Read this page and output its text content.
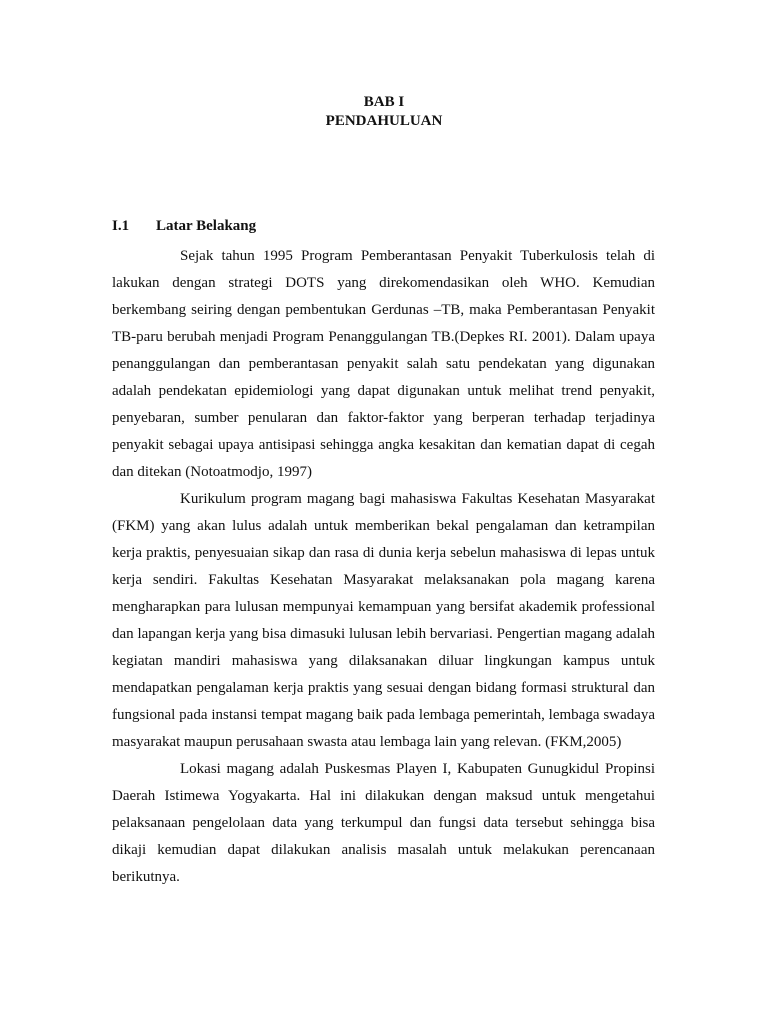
BAB I
PENDAHULUAN
I.1 Latar Belakang

Sejak tahun 1995 Program Pemberantasan Penyakit Tuberkulosis telah di lakukan dengan strategi DOTS yang direkomendasikan oleh WHO. Kemudian berkembang seiring dengan pembentukan Gerdunas –TB, maka Pemberantasan Penyakit TB-paru berubah menjadi Program Penanggulangan TB.(Depkes RI. 2001). Dalam upaya penanggulangan dan pemberantasan penyakit salah satu pendekatan yang digunakan adalah pendekatan epidemiologi yang dapat digunakan untuk melihat trend penyakit, penyebaran, sumber penularan dan faktor-faktor yang berperan terhadap terjadinya penyakit sebagai upaya antisipasi sehingga angka kesakitan dan kematian dapat di cegah dan ditekan (Notoatmodjo, 1997)

Kurikulum program magang bagi mahasiswa Fakultas Kesehatan Masyarakat (FKM) yang akan lulus adalah untuk memberikan bekal pengalaman dan ketrampilan kerja praktis, penyesuaian sikap dan rasa di dunia kerja sebelun mahasiswa di lepas untuk kerja sendiri. Fakultas Kesehatan Masyarakat melaksanakan pola magang karena mengharapkan para lulusan mempunyai kemampuan yang bersifat akademik professional dan lapangan kerja yang bisa dimasuki lulusan lebih bervariasi. Pengertian magang adalah kegiatan mandiri mahasiswa yang dilaksanakan diluar lingkungan kampus untuk mendapatkan pengalaman kerja praktis yang sesuai dengan bidang formasi struktural dan fungsional pada instansi tempat magang baik pada lembaga pemerintah, lembaga swadaya masyarakat maupun perusahaan swasta atau lembaga lain yang relevan. (FKM,2005)

Lokasi magang adalah Puskesmas Playen I, Kabupaten Gunugkidul Propinsi Daerah Istimewa Yogyakarta. Hal ini dilakukan dengan maksud untuk mengetahui pelaksanaan pengelolaan data yang terkumpul dan fungsi data tersebut sehingga bisa dikaji kemudian dapat dilakukan analisis masalah untuk melakukan perencanaan berikutnya.
